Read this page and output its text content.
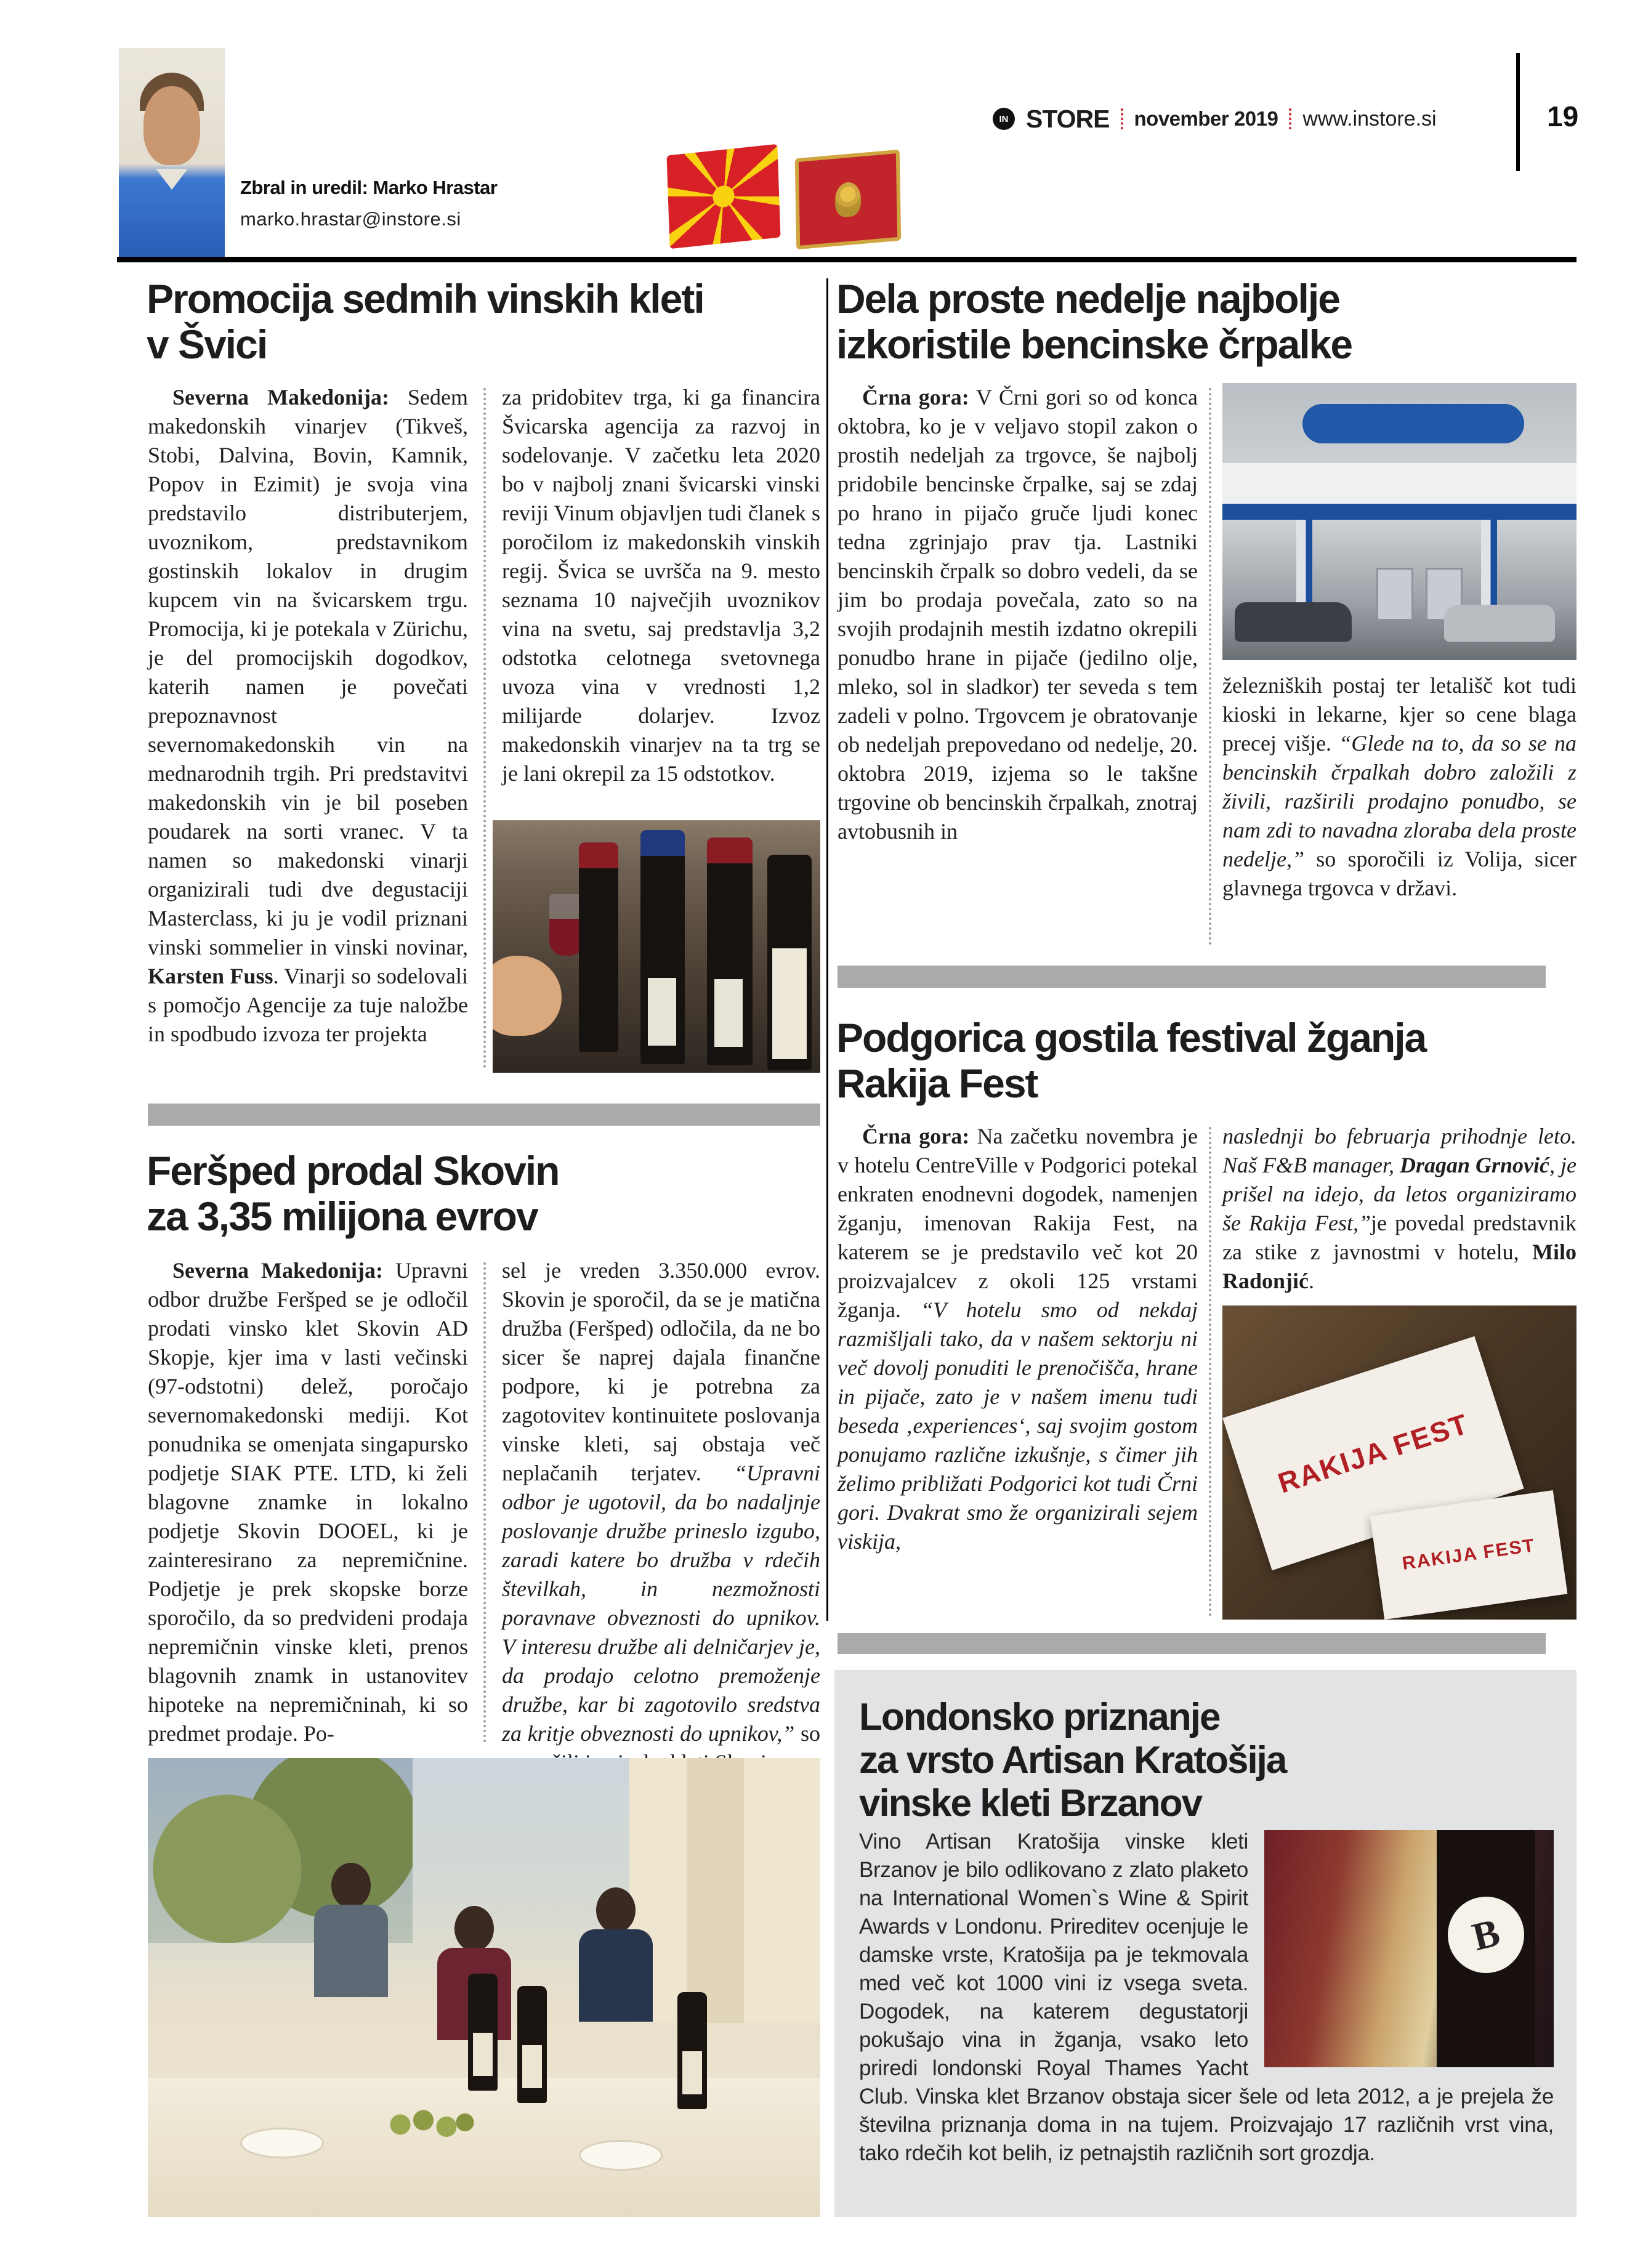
Zbral in uredil: Marko Hrastar
marko.hrastar@instore.si
IN STORE november 2019 www.instore.si	19
Promocija sedmih vinskih kleti
v Švici

Severna Makedonija: Sedem makedonskih vinarjev (Tikveš, Stobi, Dalvina, Bovin, Kamnik, Popov in Ezimit) je svoja vina predstavilo distributerjem, uvoznikom, predstavnikom gostinskih lokalov in drugim kupcem vin na švicarskem trgu. Promocija, ki je potekala v Zürichu, je del promocijskih dogodkov, katerih namen je povečati prepoznavnost severnomakedonskih vin na mednarodnih trgih. Pri predstavitvi makedonskih vin je bil poseben poudarek na sorti vranec. V ta namen so makedonski vinarji organizirali tudi dve degustaciji Masterclass, ki ju je vodil priznani vinski sommelier in vinski novinar, Karsten Fuss. Vinarji so sodelovali s pomočjo Agencije za tuje naložbe in spodbudo izvoza ter projekta

za pridobitev trga, ki ga financira Švicarska agencija za razvoj in sodelovanje. V začetku leta 2020 bo v najbolj znani švicarski vinski reviji Vinum objavljen tudi članek s poročilom iz makedonskih vinskih regij. Švica se uvršča na 9. mesto seznama 10 največjih uvoznikov vina na svetu, saj predstavlja 3,2 odstotka celotnega svetovnega uvoza vina v vrednosti 1,2 milijarde dolarjev. Izvoz makedonskih vinarjev na ta trg se je lani okrepil za 15 odstotkov.

Dela proste nedelje najbolje
izkoristile bencinske črpalke

Črna gora: V Črni gori so od konca oktobra, ko je v veljavo stopil zakon o prostih nedeljah za trgovce, še najbolj pridobile bencinske črpalke, saj se zdaj po hrano in pijačo gruče ljudi konec tedna zgrinjajo prav tja. Lastniki bencinskih črpalk so dobro vedeli, da se jim bo prodaja povečala, zato so na svojih prodajnih mestih izdatno okrepili ponudbo hrane in pijače (jedilno olje, mleko, sol in sladkor) ter seveda s tem zadeli v polno. Trgovcem je obratovanje ob nedeljah prepovedano od nedelje, 20. oktobra 2019, izjema so le takšne trgovine ob bencinskih črpalkah, znotraj avtobusnih in

železniških postaj ter letališč kot tudi kioski in lekarne, kjer so cene blaga precej višje. “Glede na to, da so se na bencinskih črpalkah dobro založili z živili, razširili prodajno ponudbo, se nam zdi to navadna zloraba dela proste nedelje,” so sporočili iz Volija, sicer glavnega trgovca v državi.

Feršped prodal Skovin
za 3,35 milijona evrov

Severna Makedonija: Upravni odbor družbe Feršped se je odločil prodati vinsko klet Skovin AD Skopje, kjer ima v lasti večinski (97-odstotni) delež, poročajo severnomakedonski mediji. Kot ponudnika se omenjata singapursko podjetje SIAK PTE. LTD, ki želi blagovne znamke in lokalno podjetje Skovin DOOEL, ki je zainteresirano za nepremičnine. Podjetje je prek skopske borze sporočilo, da so predvideni prodaja nepremičnin vinske kleti, prenos blagovnih znamk in ustanovitev hipoteke na nepremičninah, ki so predmet prodaje. Po-

sel je vreden 3.350.000 evrov. Skovin je sporočil, da se je matična družba (Feršped) odločila, da ne bo sicer še naprej dajala finančne podpore, ki je potrebna za zagotovitev kontinuitete poslovanja vinske kleti, saj obstaja več neplačanih terjatev. “Upravni odbor je ugotovil, da bo nadaljnje poslovanje družbe prineslo izgubo, zaradi katere bo družba v rdečih številkah, in nezmožnosti poravnave obveznosti do upnikov. V interesu družbe ali delničarjev je, da prodajo celotno premoženje družbe, kar bi zagotovilo sredstva za kritje obveznosti do upnikov,” so

Podgorica gostila festival žganja
Rakija Fest

Črna gora: Na začetku novembra je v hotelu CentreVille v Podgorici potekal enkraten enodnevni dogodek, namenjen žganju, imenovan Rakija Fest, na katerem se je predstavilo več kot 20 proizvajalcev z okoli 125 vrstami žganja. “V hotelu smo od nekdaj razmišljali tako, da v našem sektorju ni več dovolj ponuditi le prenočišča, hrane in pijače, zato je v našem imenu tudi beseda ‚experiences‘, saj svojim gostom ponujamo različne izkušnje, s čimer jih želimo približati Podgorici kot tudi Črni gori. Dvakrat smo že organizirali sejem viskija,

naslednji bo februarja prihodnje leto. Naš F&B manager, Dragan Grnović, je prišel na idejo, da letos organiziramo še Rakija Fest,”je povedal predstavnik za stike z javnostmi v hotelu, Milo Radonjić.

RAKIJA FEST
RAKIJA FEST
Londonsko priznanje
za vrsto Artisan Kratošija
vinske kleti Brzanov
B
Vino Artisan Kratošija vinske kleti Brzanov je bilo odlikovano z zlato plaketo na International Women`s Wine & Spirit Awards v Londonu. Prireditev ocenjuje le damske vrste, Kratošija pa je tekmovala med več kot 1000 vini iz vsega sveta. Dogodek, na katerem degustatorji pokušajo vina in žganja, vsako leto priredi londonski Royal Thames Yacht Club. Vinska klet Brzanov obstaja sicer šele od leta 2012, a je prejela že številna priznanja doma in na tujem. Proizvajajo 17 različnih vrst vina, tako rdečih kot belih, iz petnajstih različnih sort grozdja.
